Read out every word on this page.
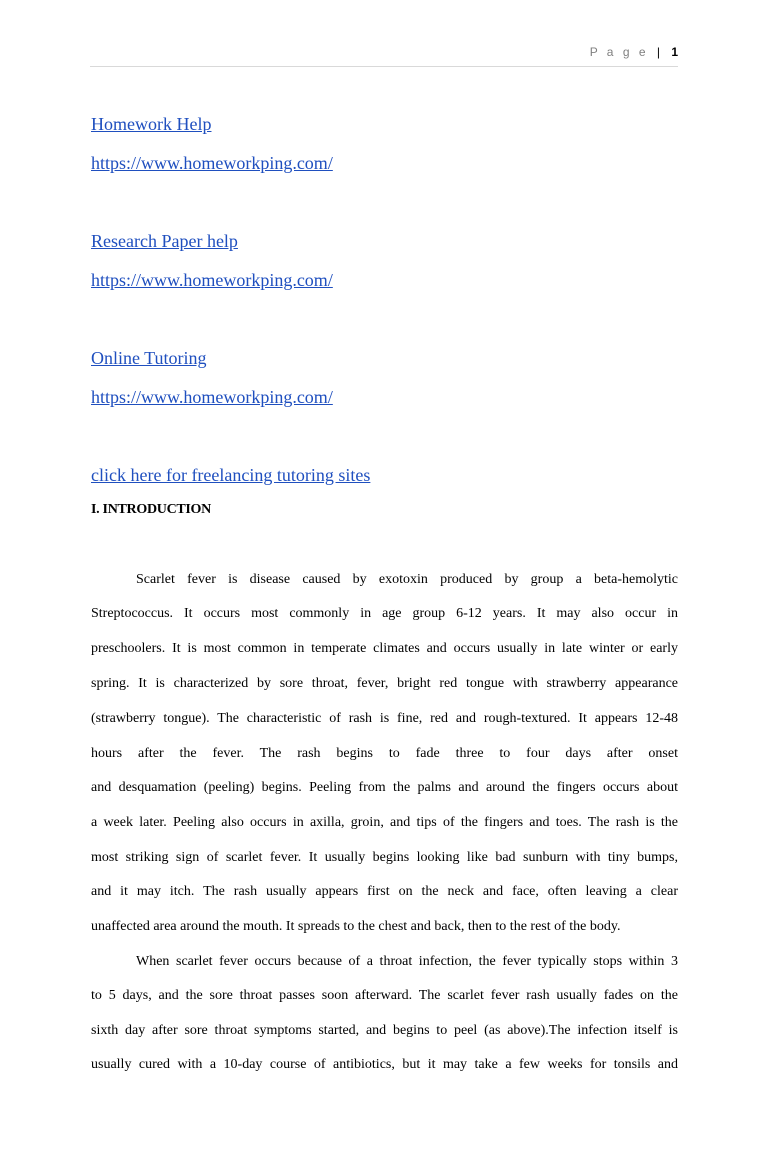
P a g e | 1
Homework Help
https://www.homeworkping.com/
Research Paper help
https://www.homeworkping.com/
Online Tutoring
https://www.homeworkping.com/
click here for freelancing tutoring sites
I. INTRODUCTION
Scarlet fever is disease caused by exotoxin produced by group a beta-hemolytic
Streptococcus. It occurs most commonly in age group 6-12 years. It may also occur in
preschoolers. It is most common in temperate climates and occurs usually in late winter or early
spring. It is characterized by sore throat, fever, bright red tongue with strawberry appearance
(strawberry tongue). The characteristic of rash is fine, red and rough-textured. It appears 12-48
hours after the fever. The rash begins to fade three to four days after onset
and desquamation (peeling) begins. Peeling from the palms and around the fingers occurs about
a week later. Peeling also occurs in axilla, groin, and tips of the fingers and toes. The rash is the
most striking sign of scarlet fever. It usually begins looking like bad sunburn with tiny bumps,
and it may itch. The rash usually appears first on the neck and face, often leaving a clear
unaffected area around the mouth. It spreads to the chest and back, then to the rest of the body.
When scarlet fever occurs because of a throat infection, the fever typically stops within 3
to 5 days, and the sore throat passes soon afterward. The scarlet fever rash usually fades on the
sixth day after sore throat symptoms started, and begins to peel (as above).The infection itself is
usually cured with a 10-day course of antibiotics, but it may take a few weeks for tonsils and
